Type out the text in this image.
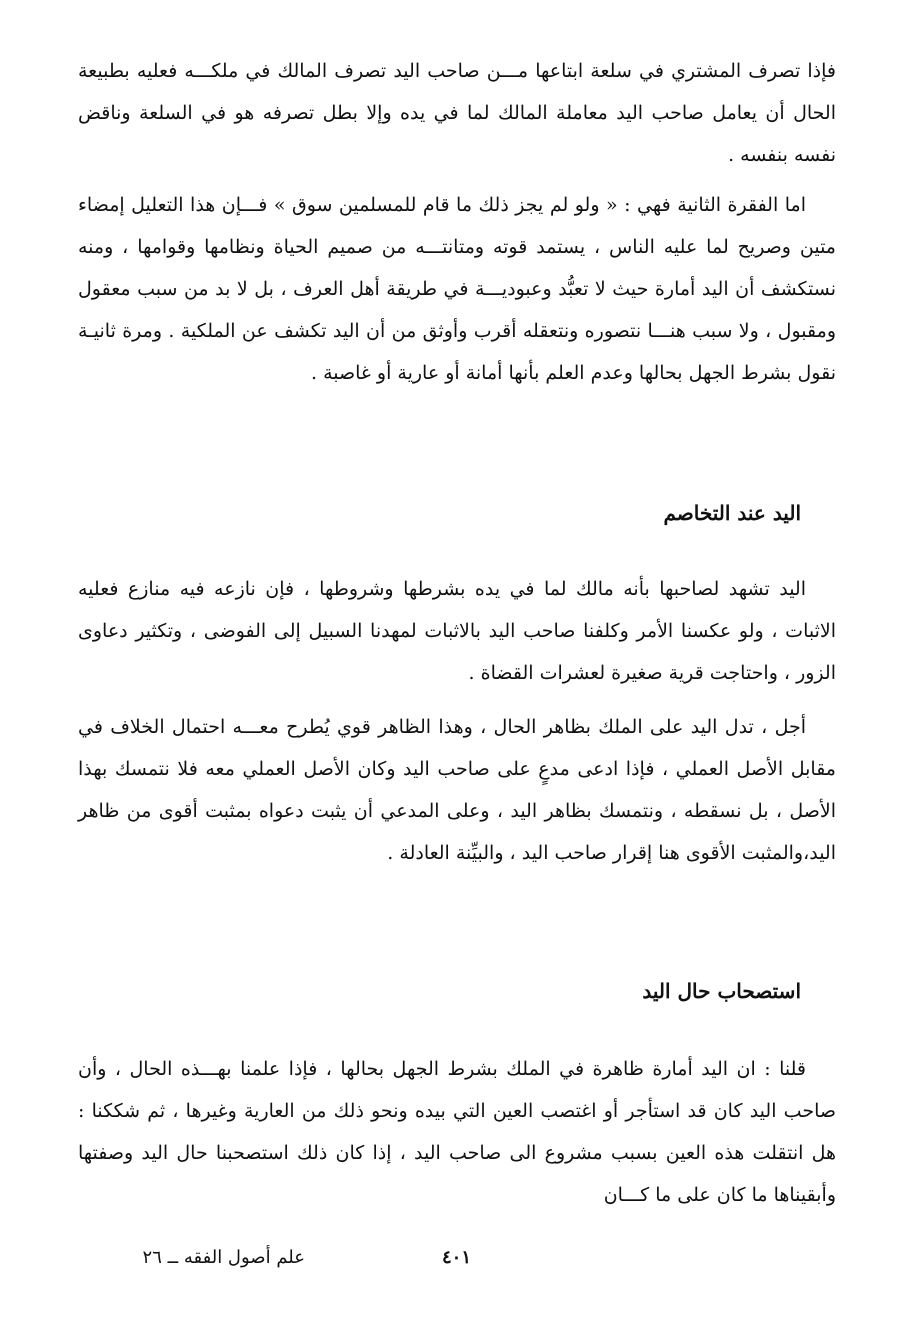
فإذا تصرف المشتري في سلعة ابتاعها مـــن صاحب اليد تصرف المالك في ملكـــه فعليه بطبيعة الحال أن يعامل صاحب اليد معاملة المالك لما في يده وإلا بطل تصرفه هو في السلعة وناقض نفسه بنفسه .

اما الفقرة الثانية فهي : « ولو لم يجز ذلك ما قام للمسلمين سوق » فـــإن هذا التعليل إمضاء متين وصريح لما عليه الناس ، يستمد قوته ومتانتـــه من صميم الحياة ونظامها وقوامها ، ومنه نستكشف أن اليد أمارة حيث لا تعبُّد وعبوديـــة في طريقة أهل العرف ، بل لا بد من سبب معقول ومقبول ، ولا سبب هنـــا نتصوره ونتعقله أقرب وأوثق من أن اليد تكشف عن الملكية . ومرة ثانيـة نقول بشرط الجهل بحالها وعدم العلم بأنها أمانة أو عارية أو غاصبة .

اليد عند التخاصم

اليد تشهد لصاحبها بأنه مالك لما في يده بشرطها وشروطها ، فإن نازعه فيه منازع فعليه الاثبات ، ولو عكسنا الأمر وكلفنا صاحب اليد بالاثبات لمهدنا السبيل إلى الفوضى ، وتكثير دعاوى الزور ، واحتاجت قرية صغيرة لعشرات القضاة .

أجل ، تدل اليد على الملك بظاهر الحال ، وهذا الظاهر قوي يُطرح معـــه احتمال الخلاف في مقابل الأصل العملي ، فإذا ادعى مدعٍ على صاحب اليد وكان الأصل العملي معه فلا نتمسك بهذا الأصل ، بل نسقطه ، ونتمسك بظاهر اليد ، وعلى المدعي أن يثبت دعواه بمثبت أقوى من ظاهر اليد،والمثبت الأقوى هنا إقرار صاحب اليد ، والبيِّنة العادلة .

استصحاب حال اليد

قلنا : ان اليد أمارة ظاهرة في الملك بشرط الجهل بحالها ، فإذا علمنا بهـــذه الحال ، وأن صاحب اليد كان قد استأجر أو اغتصب العين التي بيده ونحو ذلك من العارية وغيرها ، ثم شككنا : هل انتقلت هذه العين بسبب مشروع الى صاحب اليد ، إذا كان ذلك استصحبنا حال اليد وصفتها وأبقيناها ما كان على ما كـــان

٤٠١
علم أصول الفقه ــ ٢٦
